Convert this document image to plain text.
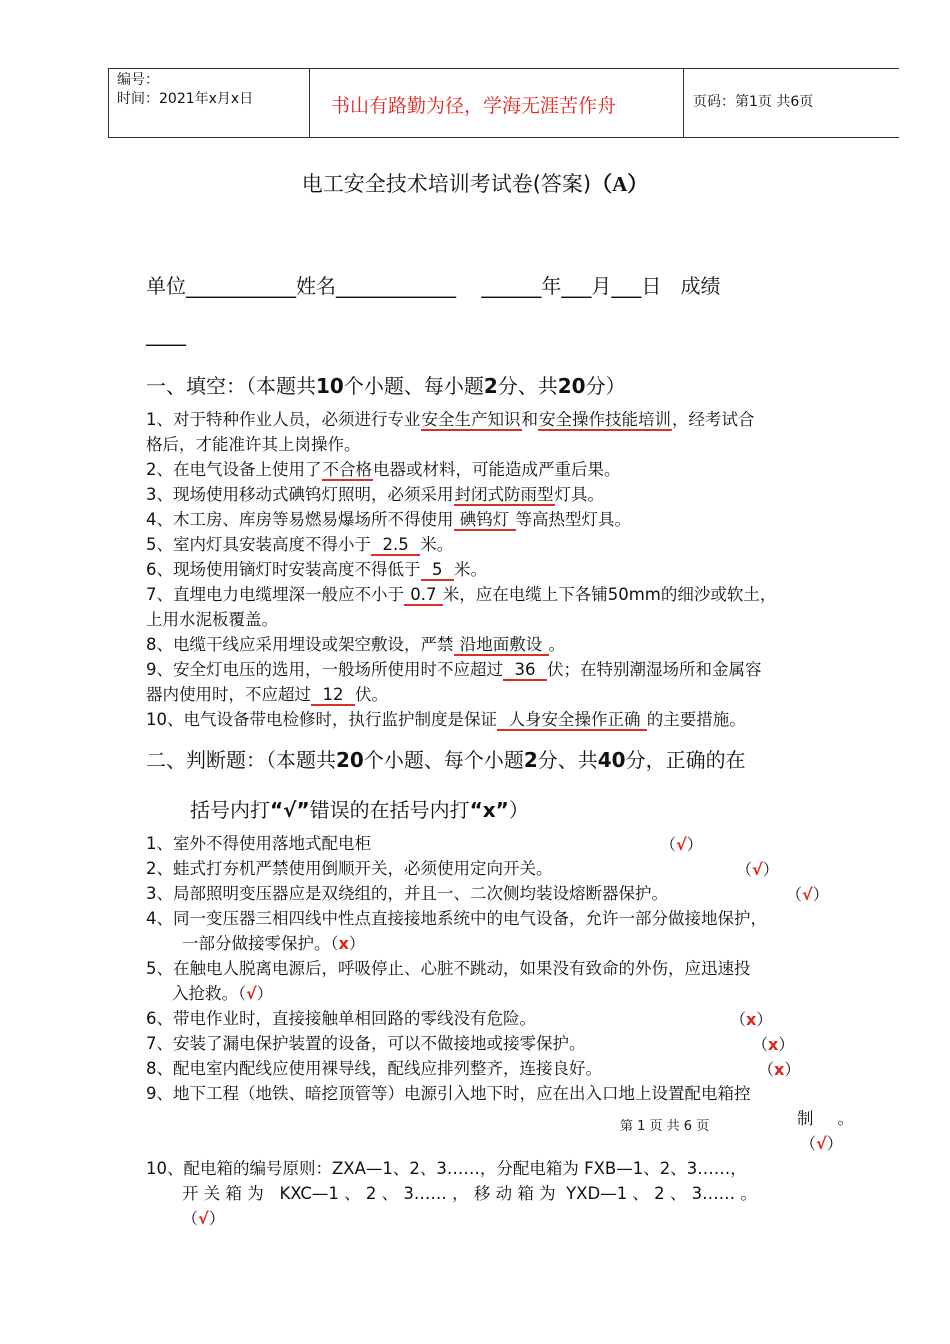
编号：
时间：2021年x月x日	书山有路勤为径，学海无涯苦作舟	页码：第1页 共6页
电工安全技术培训考试卷(答案)（A）
单位___________姓名____________    ______年___月___日   成绩
____
一、填空：（本题共10个小题、每小题2分、共20分）
1、对于特种作业人员，必须进行专业安全生产知识和安全操作技能培训，经考试合
格后，才能准许其上岗操作。
2、在电气设备上使用了不合格电器或材料，可能造成严重后果。
3、现场使用移动式碘钨灯照明，必须采用封闭式防雨型灯具。
4、木工房、库房等易燃易爆场所不得使用 碘钨灯 等高热型灯具。
5、室内灯具安装高度不得小于  2.5  米。
6、现场使用镝灯时安装高度不得低于  5  米。
7、直埋电力电缆埋深一般应不小于 0.7 米，应在电缆上下各铺50mm的细沙或软土，
上用水泥板覆盖。
8、电缆干线应采用埋设或架空敷设，严禁 沿地面敷设 。
9、安全灯电压的选用，一般场所使用时不应超过  36  伏；在特别潮湿场所和金属容
器内使用时，不应超过  12  伏。
10、电气设备带电检修时，执行监护制度是保证  人身安全操作正确 的主要措施。
二、判断题：（本题共20个小题、每个小题2分、共40分，正确的在
括号内打“√”错误的在括号内打“x”）
1、室外不得使用落地式配电柜	（√）
2、蛙式打夯机严禁使用倒顺开关，必须使用定向开关。	（√）
3、局部照明变压器应是双绕组的，并且一、二次侧均装设熔断器保护。	（√）
4、同一变压器三相四线中性点直接接地系统中的电气设备，允许一部分做接地保护，
一部分做接零保护。（x）
5、在触电人脱离电源后，呼吸停止、心脏不跳动，如果没有致命的外伤，应迅速投
入抢救。（√）
6、带电作业时，直接接触单相回路的零线没有危险。	（x）
7、安装了漏电保护装置的设备，可以不做接地或接零保护。	（x）
8、配电室内配线应使用裸导线，配线应排列整齐，连接良好。	（x）
9、地下工程（地铁、暗挖顶管等）电源引入地下时，应在出入口地上设置配电箱控
第 1 页 共 6 页	制 。
（√）
10、配电箱的编号原则：ZXA—1、2、3……，分配电箱为 FXB—1、2、3……，
开 关 箱 为   KXC—1 、 2 、 3…… ， 移 动 箱 为  YXD—1 、 2 、 3…… 。
（√）
